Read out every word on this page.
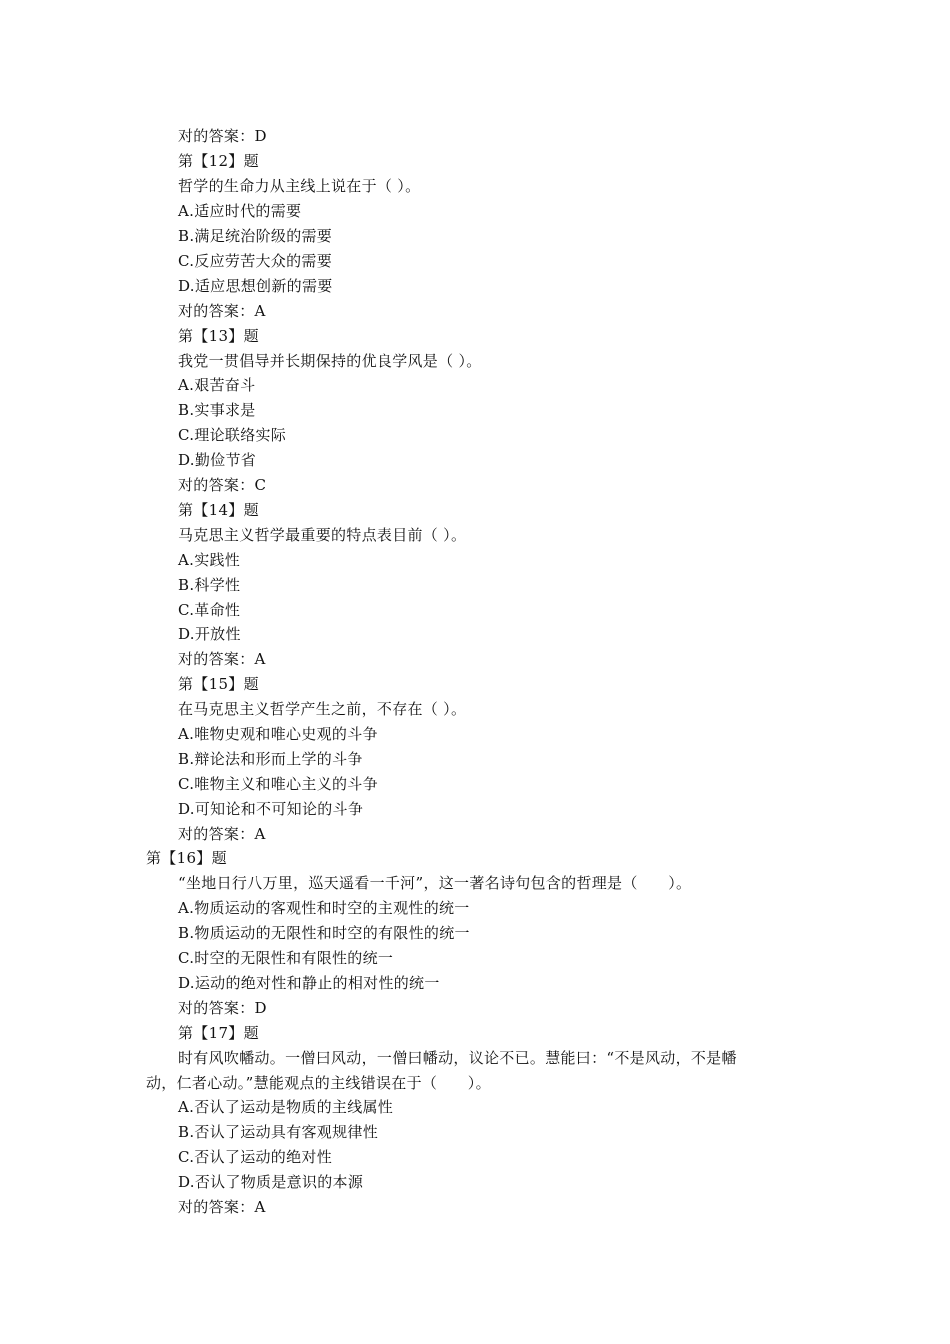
对的答案：D
第【12】题
哲学的生命力从主线上说在于（ ）。
A.适应时代的需要
B.满足统治阶级的需要
C.反应劳苦大众的需要
D.适应思想创新的需要
对的答案：A
第【13】题
我党一贯倡导并长期保持的优良学风是（ ）。
A.艰苦奋斗
B.实事求是
C.理论联络实际
D.勤俭节省
对的答案：C
第【14】题
马克思主义哲学最重要的特点表目前（ ）。
A.实践性
B.科学性
C.革命性
D.开放性
对的答案：A
第【15】题
在马克思主义哲学产生之前，不存在（ ）。
A.唯物史观和唯心史观的斗争
B.辩论法和形而上学的斗争
C.唯物主义和唯心主义的斗争
D.可知论和不可知论的斗争
对的答案：A
第【16】题
“坐地日行八万里，巡天遥看一千河”，这一著名诗句包含的哲理是（　　）。
A.物质运动的客观性和时空的主观性的统一
B.物质运动的无限性和时空的有限性的统一
C.时空的无限性和有限性的统一
D.运动的绝对性和静止的相对性的统一
对的答案：D
第【17】题
时有风吹幡动。一僧曰风动，一僧曰幡动，议论不已。慧能曰：“不是风动，不是幡
动，仁者心动。”慧能观点的主线错误在于（　　）。
A.否认了运动是物质的主线属性
B.否认了运动具有客观规律性
C.否认了运动的绝对性
D.否认了物质是意识的本源
对的答案：A
